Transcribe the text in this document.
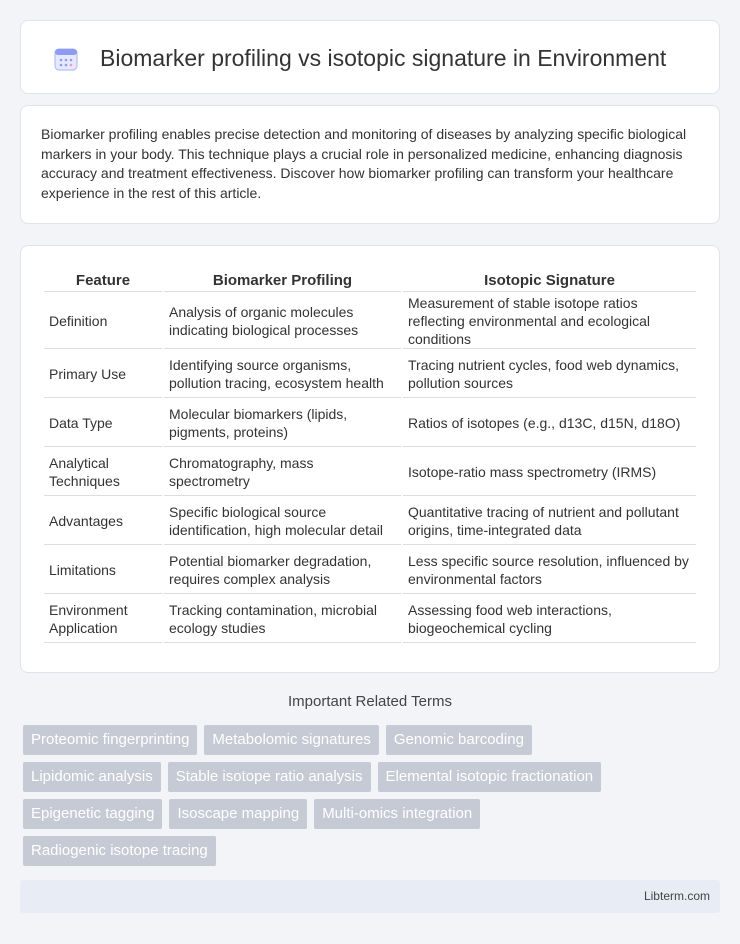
Biomarker profiling vs isotopic signature in Environment

Biomarker profiling enables precise detection and monitoring of diseases by analyzing specific biological markers in your body. This technique plays a crucial role in personalized medicine, enhancing diagnosis accuracy and treatment effectiveness. Discover how biomarker profiling can transform your healthcare experience in the rest of this article.

Feature	Biomarker Profiling	Isotopic Signature
Definition	Analysis of organic molecules indicating biological processes	Measurement of stable isotope ratios reflecting environmental and ecological conditions
Primary Use	Identifying source organisms, pollution tracing, ecosystem health	Tracing nutrient cycles, food web dynamics, pollution sources
Data Type	Molecular biomarkers (lipids, pigments, proteins)	Ratios of isotopes (e.g., d13C, d15N, d18O)
Analytical Techniques	Chromatography, mass spectrometry	Isotope-ratio mass spectrometry (IRMS)
Advantages	Specific biological source identification, high molecular detail	Quantitative tracing of nutrient and pollutant origins, time-integrated data
Limitations	Potential biomarker degradation, requires complex analysis	Less specific source resolution, influenced by environmental factors
Environment Application	Tracking contamination, microbial ecology studies	Assessing food web interactions, biogeochemical cycling
Important Related Terms
Proteomic fingerprinting	Metabolomic signatures	Genomic barcoding
Lipidomic analysis	Stable isotope ratio analysis	Elemental isotopic fractionation
Epigenetic tagging	Isoscape mapping	Multi-omics integration
Radiogenic isotope tracing
Libterm.com
